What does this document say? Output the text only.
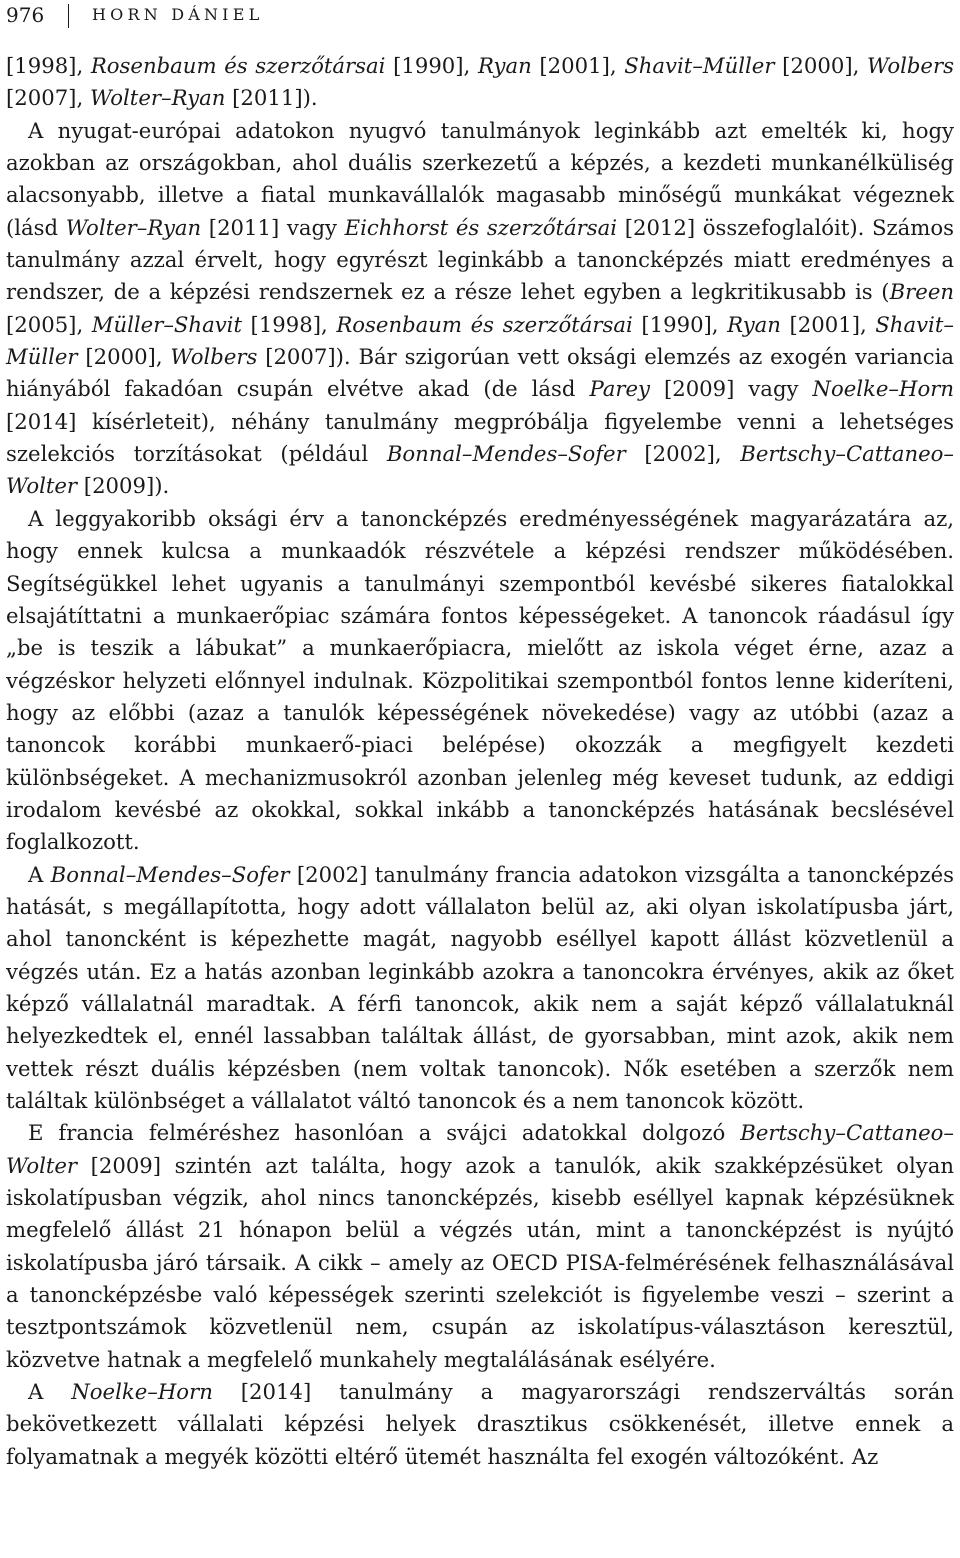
976	HORN DÁNIEL

[1998], Rosenbaum és szerzőtársai [1990], Ryan [2001], Shavit–Müller [2000], Wolbers [2007], Wolter–Ryan [2011]).

A nyugat-európai adatokon nyugvó tanulmányok leginkább azt emelték ki, hogy azokban az országokban, ahol duális szerkezetű a képzés, a kezdeti munkanélküliség alacsonyabb, illetve a fiatal munkavállalók magasabb minőségű munkákat végeznek (lásd Wolter–Ryan [2011] vagy Eichhorst és szerzőtársai [2012] összefoglalóit). Számos tanulmány azzal érvelt, hogy egyrészt leginkább a tanoncképzés miatt eredményes a rendszer, de a képzési rendszernek ez a része lehet egyben a legkritikusabb is (Breen [2005], Müller–Shavit [1998], Rosenbaum és szerzőtársai [1990], Ryan [2001], Shavit–Müller [2000], Wolbers [2007]). Bár szigorúan vett oksági elemzés az exogén variancia hiányából fakadóan csupán elvétve akad (de lásd Parey [2009] vagy Noelke–Horn [2014] kísérleteit), néhány tanulmány megpróbálja figyelembe venni a lehetséges szelekciós torzításokat (például Bonnal–Mendes–Sofer [2002], Bertschy–Cattaneo–Wolter [2009]).

A leggyakoribb oksági érv a tanoncképzés eredményességének magyarázatára az, hogy ennek kulcsa a munkaadók részvétele a képzési rendszer működésében. Segítségükkel lehet ugyanis a tanulmányi szempontból kevésbé sikeres fiatalokkal elsajátíttatni a munkaerőpiac számára fontos képességeket. A tanoncok ráadásul így „be is teszik a lábukat” a munkaerőpiacra, mielőtt az iskola véget érne, azaz a végzéskor helyzeti előnnyel indulnak. Közpolitikai szempontból fontos lenne kideríteni, hogy az előbbi (azaz a tanulók képességének növekedése) vagy az utóbbi (azaz a tanoncok korábbi munkaerő-piaci belépése) okozzák a megfigyelt kezdeti különbségeket. A mechanizmusokról azonban jelenleg még keveset tudunk, az eddigi irodalom kevésbé az okokkal, sokkal inkább a tanoncképzés hatásának becslésével foglalkozott.

A Bonnal–Mendes–Sofer [2002] tanulmány francia adatokon vizsgálta a tanoncképzés hatását, s megállapította, hogy adott vállalaton belül az, aki olyan iskolatípusba járt, ahol tanoncként is képezhette magát, nagyobb eséllyel kapott állást közvetlenül a végzés után. Ez a hatás azonban leginkább azokra a tanoncokra érvényes, akik az őket képző vállalatnál maradtak. A férfi tanoncok, akik nem a saját képző vállalatuknál helyezkedtek el, ennél lassabban találtak állást, de gyorsabban, mint azok, akik nem vettek részt duális képzésben (nem voltak tanoncok). Nők esetében a szerzők nem találtak különbséget a vállalatot váltó tanoncok és a nem tanoncok között.

E francia felméréshez hasonlóan a svájci adatokkal dolgozó Bertschy–Cattaneo–Wolter [2009] szintén azt találta, hogy azok a tanulók, akik szakképzésüket olyan iskolatípusban végzik, ahol nincs tanoncképzés, kisebb eséllyel kapnak képzésüknek megfelelő állást 21 hónapon belül a végzés után, mint a tanoncképzést is nyújtó iskolatípusba járó társaik. A cikk – amely az OECD PISA-felmérésének felhasználásával a tanoncképzésbe való képességek szerinti szelekciót is figyelembe veszi – szerint a tesztpontszámok közvetlenül nem, csupán az iskolatípus-választáson keresztül, közvetve hatnak a megfelelő munkahely megtalálásának esélyére.

A Noelke–Horn [2014] tanulmány a magyarországi rendszerváltás során bekövetkezett vállalati képzési helyek drasztikus csökkenését, illetve ennek a folyamatnak a megyék közötti eltérő ütemét használta fel exogén változóként. Az
